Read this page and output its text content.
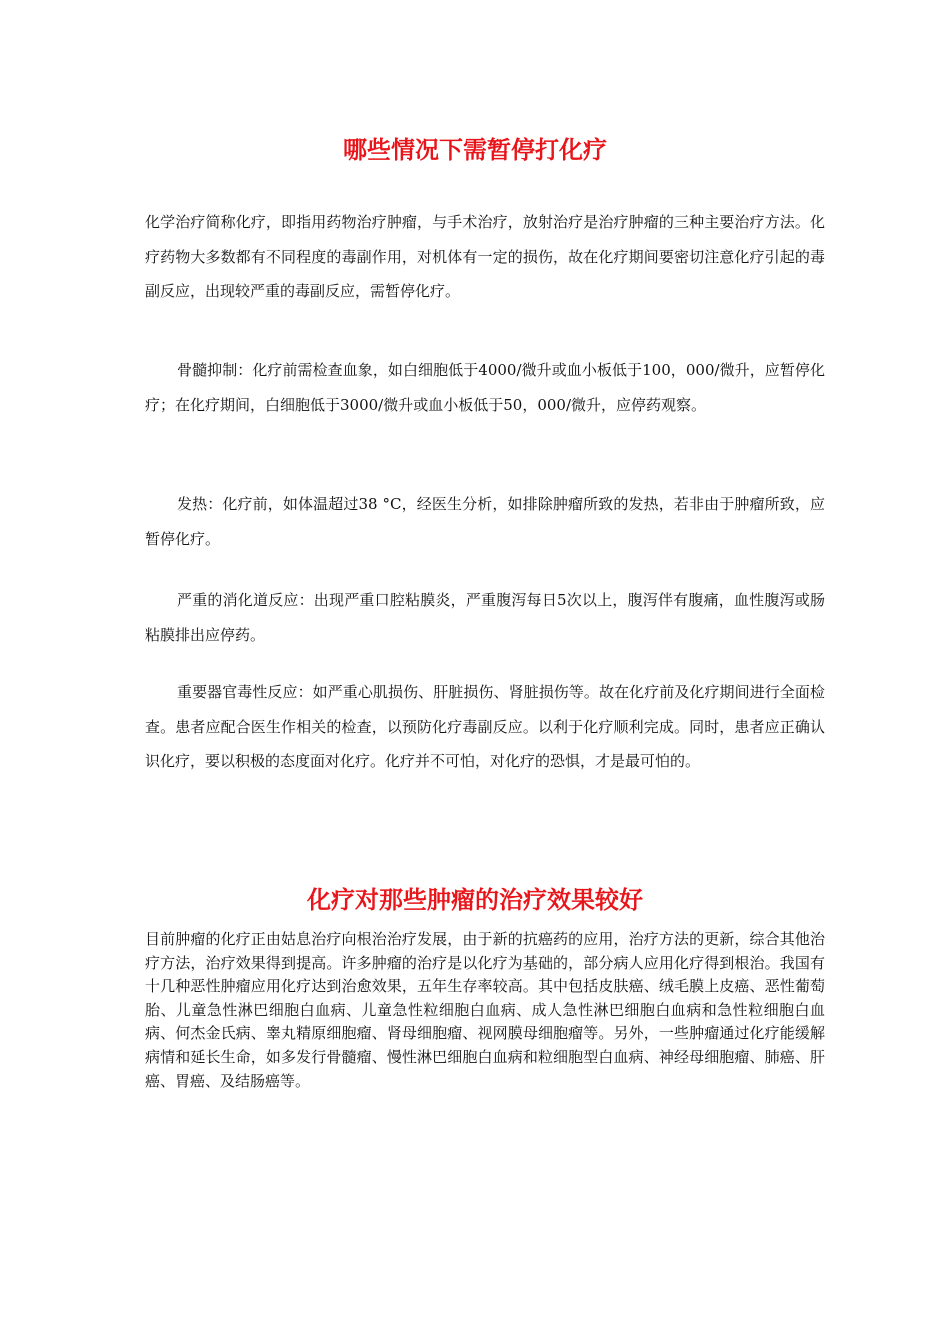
哪些情况下需暂停打化疗

化学治疗简称化疗，即指用药物治疗肿瘤，与手术治疗，放射治疗是治疗肿瘤的三种主要治疗方法。化疗药物大多数都有不同程度的毒副作用，对机体有一定的损伤，故在化疗期间要密切注意化疗引起的毒副反应，出现较严重的毒副反应，需暂停化疗。

骨髓抑制：化疗前需检查血象，如白细胞低于4000/微升或血小板低于100，000/微升，应暂停化疗；在化疗期间，白细胞低于3000/微升或血小板低于50，000/微升，应停药观察。

发热：化疗前，如体温超过38 °C，经医生分析，如排除肿瘤所致的发热，若非由于肿瘤所致，应暂停化疗。

严重的消化道反应：出现严重口腔粘膜炎，严重腹泻每日5次以上，腹泻伴有腹痛，血性腹泻或肠粘膜排出应停药。

重要器官毒性反应：如严重心肌损伤、肝脏损伤、肾脏损伤等。故在化疗前及化疗期间进行全面检查。患者应配合医生作相关的检查，以预防化疗毒副反应。以利于化疗顺利完成。同时，患者应正确认识化疗，要以积极的态度面对化疗。化疗并不可怕，对化疗的恐惧，才是最可怕的。

化疗对那些肿瘤的治疗效果较好

目前肿瘤的化疗正由姑息治疗向根治治疗发展，由于新的抗癌药的应用，治疗方法的更新，综合其他治疗方法，治疗效果得到提高。许多肿瘤的治疗是以化疗为基础的，部分病人应用化疗得到根治。我国有十几种恶性肿瘤应用化疗达到治愈效果，五年生存率较高。其中包括皮肤癌、绒毛膜上皮癌、恶性葡萄胎、儿童急性淋巴细胞白血病、儿童急性粒细胞白血病、成人急性淋巴细胞白血病和急性粒细胞白血病、何杰金氏病、睾丸精原细胞瘤、肾母细胞瘤、视网膜母细胞瘤等。另外，一些肿瘤通过化疗能缓解病情和延长生命，如多发行骨髓瘤、慢性淋巴细胞白血病和粒细胞型白血病、神经母细胞瘤、肺癌、肝癌、胃癌、及结肠癌等。
